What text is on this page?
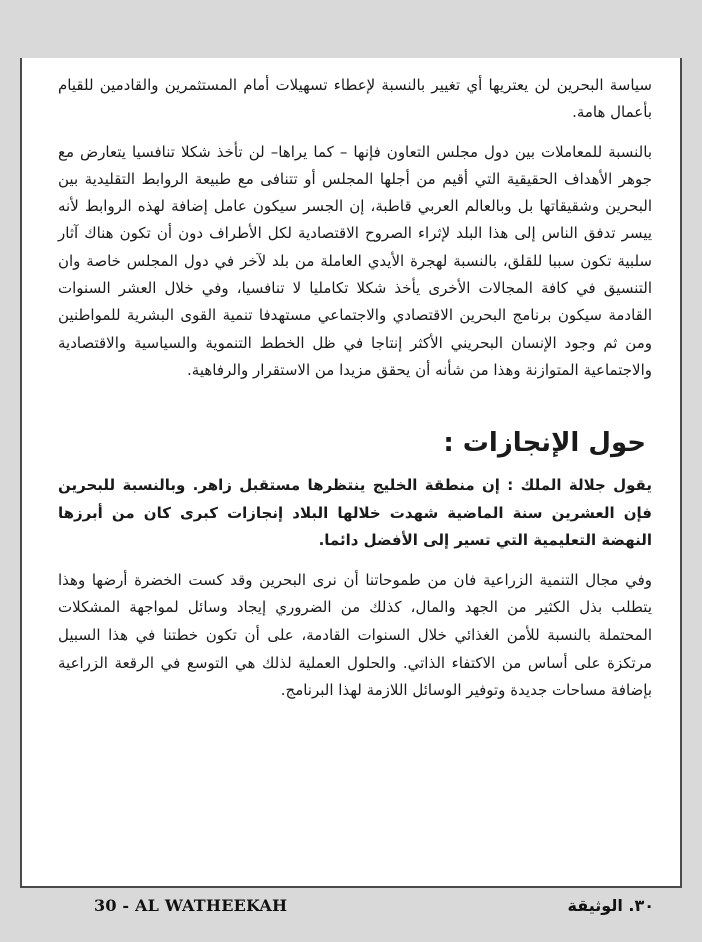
سياسة البحرين لن يعتريها أي تغيير بالنسبة لإعطاء تسهيلات أمام المستثمرين والقادمين للقيام بأعمال هامة.

بالنسبة للمعاملات بين دول مجلس التعاون فإنها – كما يراها– لن تأخذ شكلا تنافسيا يتعارض مع جوهر الأهداف الحقيقية التي أقيم من أجلها المجلس أو تتنافى مع طبيعة الروابط التقليدية بين البحرين وشقيقاتها بل وبالعالم العربي قاطبة، إن الجسر سيكون عامل إضافة لهذه الروابط لأنه ييسر تدفق الناس إلى هذا البلد لإثراء الصروح الاقتصادية لكل الأطراف دون أن تكون هناك آثار سلبية تكون سببا للقلق، بالنسبة لهجرة الأيدي العاملة من بلد لآخر في دول المجلس خاصة وان التنسيق في كافة المجالات الأخرى يأخذ شكلا تكامليا لا تنافسيا، وفي خلال العشر السنوات القادمة سيكون برنامج البحرين الاقتصادي والاجتماعي مستهدفا تنمية القوى البشرية للمواطنين ومن ثم وجود الإنسان البحريني الأكثر إنتاجا في ظل الخطط التنموية والسياسية والاقتصادية والاجتماعية المتوازنة وهذا من شأنه أن يحقق مزيدا من الاستقرار والرفاهية.

حول الإنجازات :

يقول جلالة الملك : إن منطقة الخليج ينتظرها مستقبل زاهر. وبالنسبة للبحرين فإن العشرين سنة الماضية شهدت خلالها البلاد إنجازات كبرى كان من أبرزها النهضة التعليمية التي تسير إلى الأفضل دائما.

وفي مجال التنمية الزراعية فان من طموحاتنا أن نرى البحرين وقد كست الخضرة أرضها وهذا يتطلب بذل الكثير من الجهد والمال، كذلك من الضروري إيجاد وسائل لمواجهة المشكلات المحتملة بالنسبة للأمن الغذائي خلال السنوات القادمة، على أن تكون خطتنا في هذا السبيل مرتكزة على أساس من الاكتفاء الذاتي. والحلول العملية لذلك هي التوسع في الرقعة الزراعية بإضافة مساحات جديدة وتوفير الوسائل اللازمة لهذا البرنامج.

30 - AL WATHEEKAH	٣٠. الوثيقة
